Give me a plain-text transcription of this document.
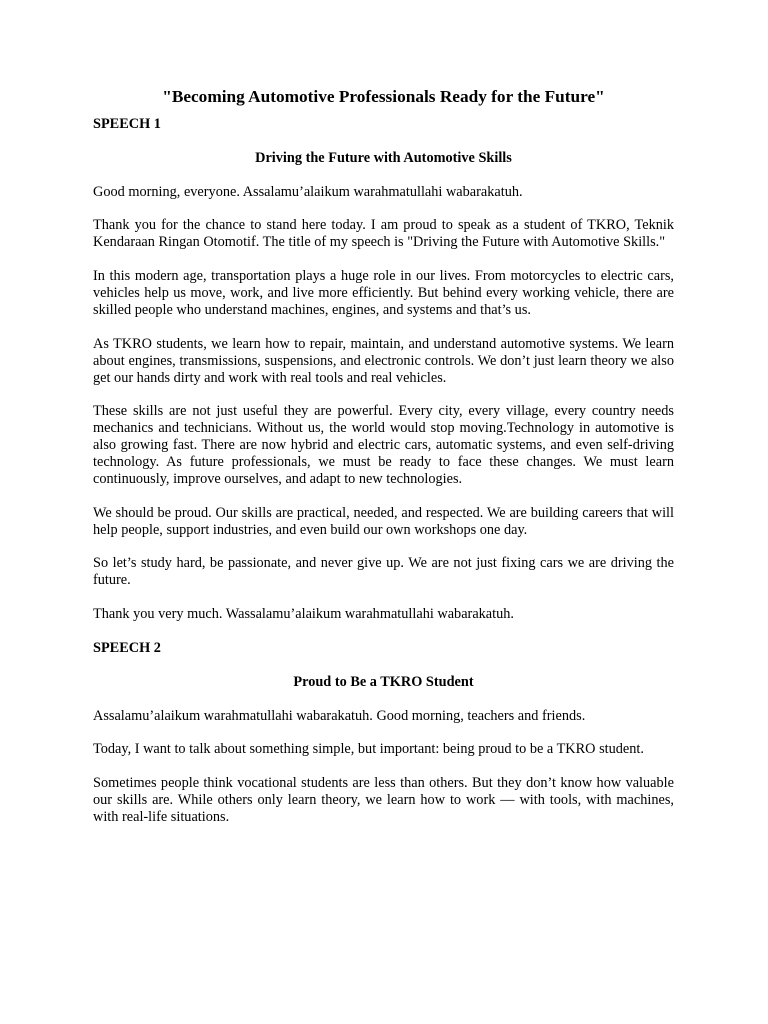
"Becoming Automotive Professionals Ready for the Future"
SPEECH 1
Driving the Future with Automotive Skills

Good morning, everyone. Assalamu’alaikum warahmatullahi wabarakatuh.

Thank you for the chance to stand here today. I am proud to speak as a student of TKRO, Teknik Kendaraan Ringan Otomotif. The title of my speech is "Driving the Future with Automotive Skills."

In this modern age, transportation plays a huge role in our lives. From motorcycles to electric cars, vehicles help us move, work, and live more efficiently. But behind every working vehicle, there are skilled people who understand machines, engines, and systems and that’s us.

As TKRO students, we learn how to repair, maintain, and understand automotive systems. We learn about engines, transmissions, suspensions, and electronic controls. We don’t just learn theory we also get our hands dirty and work with real tools and real vehicles.

These skills are not just useful they are powerful. Every city, every village, every country needs mechanics and technicians. Without us, the world would stop moving.Technology in automotive is also growing fast. There are now hybrid and electric cars, automatic systems, and even self-driving technology. As future professionals, we must be ready to face these changes. We must learn continuously, improve ourselves, and adapt to new technologies.

We should be proud. Our skills are practical, needed, and respected. We are building careers that will help people, support industries, and even build our own workshops one day.

So let’s study hard, be passionate, and never give up. We are not just fixing cars we are driving the future.

Thank you very much. Wassalamu’alaikum warahmatullahi wabarakatuh.

SPEECH 2
Proud to Be a TKRO Student

Assalamu’alaikum warahmatullahi wabarakatuh. Good morning, teachers and friends.

Today, I want to talk about something simple, but important: being proud to be a TKRO student.

Sometimes people think vocational students are less than others. But they don’t know how valuable our skills are. While others only learn theory, we learn how to work — with tools, with machines, with real-life situations.
